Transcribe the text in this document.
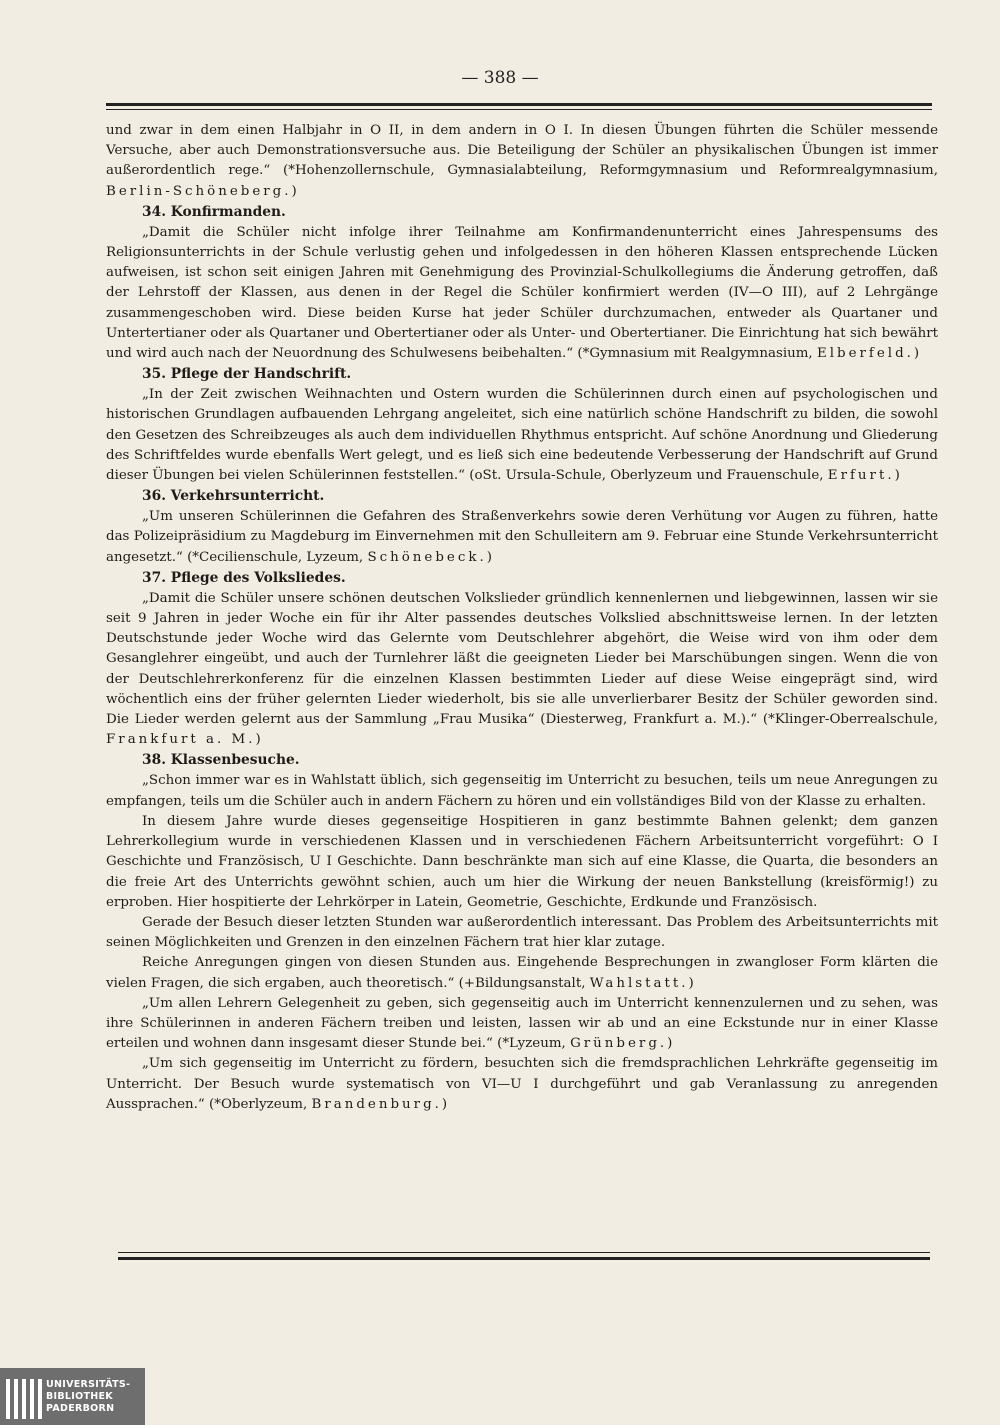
— 388 —

und zwar in dem einen Halbjahr in O II, in dem andern in O I. In diesen Übungen führten die Schüler messende Versuche, aber auch Demonstrationsversuche aus. Die Beteiligung der Schüler an physikalischen Übungen ist immer außerordentlich rege.“ (*Hohenzollernschule, Gymnasialabteilung, Reformgymnasium und Reformrealgymnasium, Berlin-Schöneberg.)

34. Konfirmanden.

„Damit die Schüler nicht infolge ihrer Teilnahme am Konfirmandenunterricht eines Jahrespensums des Religionsunterrichts in der Schule verlustig gehen und infolgedessen in den höheren Klassen entsprechende Lücken aufweisen, ist schon seit einigen Jahren mit Genehmigung des Provinzial-Schulkollegiums die Änderung getroffen, daß der Lehrstoff der Klassen, aus denen in der Regel die Schüler konfirmiert werden (IV—O III), auf 2 Lehrgänge zusammengeschoben wird. Diese beiden Kurse hat jeder Schüler durchzumachen, entweder als Quartaner und Untertertianer oder als Quartaner und Obertertianer oder als Unter- und Obertertianer. Die Einrichtung hat sich bewährt und wird auch nach der Neuordnung des Schulwesens beibehalten.“ (*Gymnasium mit Realgymnasium, Elberfeld.)

35. Pflege der Handschrift.

„In der Zeit zwischen Weihnachten und Ostern wurden die Schülerinnen durch einen auf psychologischen und historischen Grundlagen aufbauenden Lehrgang angeleitet, sich eine natürlich schöne Handschrift zu bilden, die sowohl den Gesetzen des Schreibzeuges als auch dem individuellen Rhythmus entspricht. Auf schöne Anordnung und Gliederung des Schriftfeldes wurde ebenfalls Wert gelegt, und es ließ sich eine bedeutende Verbesserung der Handschrift auf Grund dieser Übungen bei vielen Schülerinnen feststellen.“ (oSt. Ursula-Schule, Oberlyzeum und Frauenschule, Erfurt.)

36. Verkehrsunterricht.

„Um unseren Schülerinnen die Gefahren des Straßenverkehrs sowie deren Verhütung vor Augen zu führen, hatte das Polizeipräsidium zu Magdeburg im Einvernehmen mit den Schulleitern am 9. Februar eine Stunde Verkehrsunterricht angesetzt.“ (*Cecilienschule, Lyzeum, Schönebeck.)

37. Pflege des Volksliedes.

„Damit die Schüler unsere schönen deutschen Volkslieder gründlich kennenlernen und liebgewinnen, lassen wir sie seit 9 Jahren in jeder Woche ein für ihr Alter passendes deutsches Volkslied abschnittsweise lernen. In der letzten Deutschstunde jeder Woche wird das Gelernte vom Deutschlehrer abgehört, die Weise wird von ihm oder dem Gesanglehrer eingeübt, und auch der Turnlehrer läßt die geeigneten Lieder bei Marschübungen singen. Wenn die von der Deutschlehrerkonferenz für die einzelnen Klassen bestimmten Lieder auf diese Weise eingeprägt sind, wird wöchentlich eins der früher gelernten Lieder wiederholt, bis sie alle unverlierbarer Besitz der Schüler geworden sind. Die Lieder werden gelernt aus der Sammlung „Frau Musika“ (Diesterweg, Frankfurt a. M.).“ (*Klinger-Oberrealschule, Frankfurt a. M.)

38. Klassenbesuche.

„Schon immer war es in Wahlstatt üblich, sich gegenseitig im Unterricht zu besuchen, teils um neue Anregungen zu empfangen, teils um die Schüler auch in andern Fächern zu hören und ein vollständiges Bild von der Klasse zu erhalten.

In diesem Jahre wurde dieses gegenseitige Hospitieren in ganz bestimmte Bahnen gelenkt; dem ganzen Lehrerkollegium wurde in verschiedenen Klassen und in verschiedenen Fächern Arbeitsunterricht vorgeführt: O I Geschichte und Französisch, U I Geschichte. Dann beschränkte man sich auf eine Klasse, die Quarta, die besonders an die freie Art des Unterrichts gewöhnt schien, auch um hier die Wirkung der neuen Bankstellung (kreisförmig!) zu erproben. Hier hospitierte der Lehrkörper in Latein, Geometrie, Geschichte, Erdkunde und Französisch.

Gerade der Besuch dieser letzten Stunden war außerordentlich interessant. Das Problem des Arbeitsunterrichts mit seinen Möglichkeiten und Grenzen in den einzelnen Fächern trat hier klar zutage.

Reiche Anregungen gingen von diesen Stunden aus. Eingehende Besprechungen in zwangloser Form klärten die vielen Fragen, die sich ergaben, auch theoretisch.“ (+Bildungsanstalt, Wahlstatt.)

„Um allen Lehrern Gelegenheit zu geben, sich gegenseitig auch im Unterricht kennenzulernen und zu sehen, was ihre Schülerinnen in anderen Fächern treiben und leisten, lassen wir ab und an eine Eckstunde nur in einer Klasse erteilen und wohnen dann insgesamt dieser Stunde bei.“ (*Lyzeum, Grünberg.)

„Um sich gegenseitig im Unterricht zu fördern, besuchten sich die fremdsprachlichen Lehrkräfte gegenseitig im Unterricht. Der Besuch wurde systematisch von VI—U I durchgeführt und gab Veranlassung zu anregenden Aussprachen.“ (*Oberlyzeum, Brandenburg.)

UNIVERSITÄTS-
BIBLIOTHEK
PADERBORN
